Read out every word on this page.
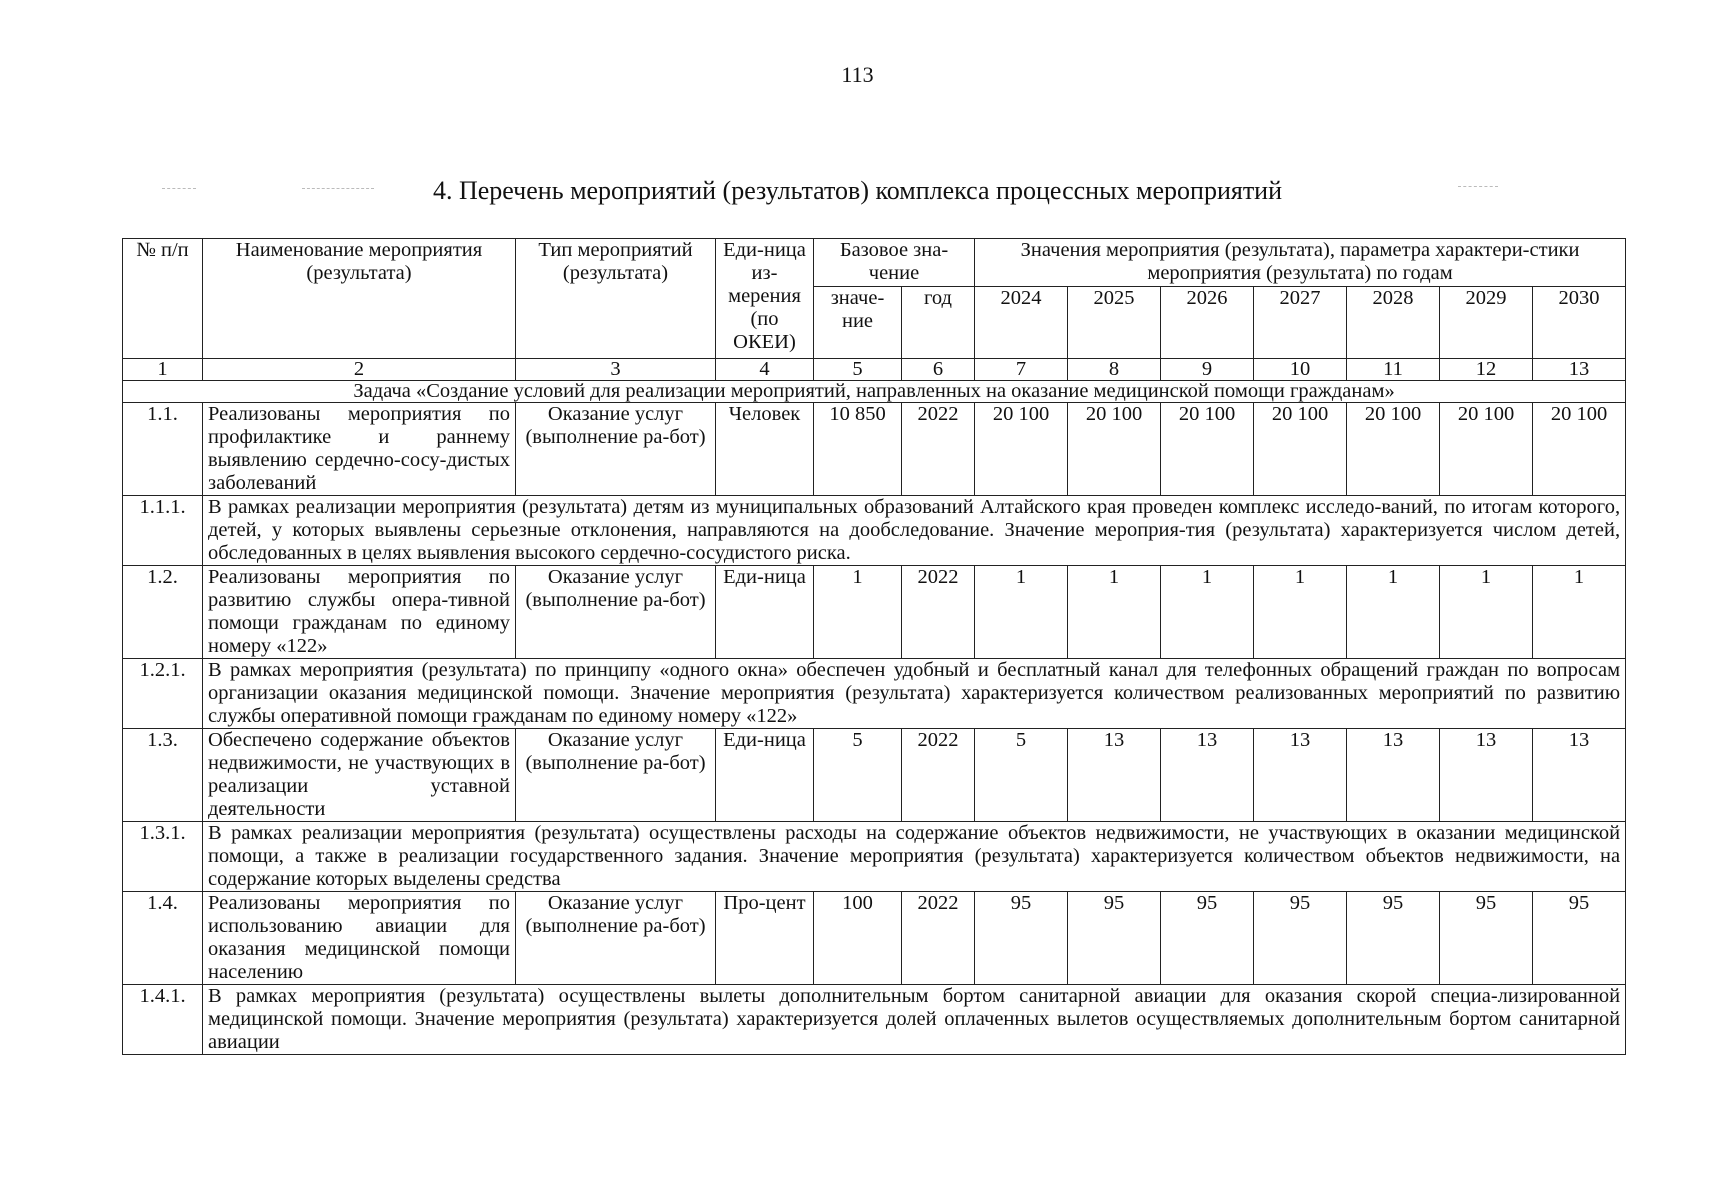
113
4. Перечень мероприятий (результатов) комплекса процессных мероприятий
№ п/п	Наименование мероприятия (результата)	Тип мероприятий (результата)	Еди-ница из-мерения (по ОКЕИ)	Базовое зна-чение		Значения мероприятия (результата), параметра характери-стики мероприятия (результата) по годам						
				значе-ние	год	2024	2025	2026	2027	2028	2029	2030
1	2	3	4	5	6	7	8	9	10	11	12	13
Задача «Создание условий для реализации мероприятий, направленных на оказание медицинской помощи гражданам»												
1.1.	Реализованы мероприятия по профилактике и раннему выявлению сердечно-сосу-дистых заболеваний	Оказание услуг (выполнение ра-бот)	Человек	10 850	2022	20 100	20 100	20 100	20 100	20 100	20 100	20 100
1.1.1.	В рамках реализации мероприятия (результата) детям из муниципальных образований Алтайского края проведен комплекс исследо-ваний, по итогам которого, детей, у которых выявлены серьезные отклонения, направляются на дообследование. Значение мероприя-тия (результата) характеризуется числом детей, обследованных в целях выявления высокого сердечно-сосудистого риска.											
1.2.	Реализованы мероприятия по развитию службы опера-тивной помощи гражданам по единому номеру «122»	Оказание услуг (выполнение ра-бот)	Еди-ница	1	2022	1	1	1	1	1	1	1
1.2.1.	В рамках мероприятия (результата) по принципу «одного окна» обеспечен удобный и бесплатный канал для телефонных обращений граждан по вопросам организации оказания медицинской помощи. Значение мероприятия (результата) характеризуется количеством реализованных мероприятий по развитию службы оперативной помощи гражданам по единому номеру «122»											
1.3.	Обеспечено содержание объектов недвижимости, не участвующих в реализации уставной деятельности	Оказание услуг (выполнение ра-бот)	Еди-ница	5	2022	5	13	13	13	13	13	13
1.3.1.	В рамках реализации мероприятия (результата) осуществлены расходы на содержание объектов недвижимости, не участвующих в оказании медицинской помощи, а также в реализации государственного задания. Значение мероприятия (результата) характеризуется количеством объектов недвижимости, на содержание которых выделены средства											
1.4.	Реализованы мероприятия по использованию авиации для оказания медицинской помощи населению	Оказание услуг (выполнение ра-бот)	Про-цент	100	2022	95	95	95	95	95	95	95
1.4.1.	В рамках мероприятия (результата) осуществлены вылеты дополнительным бортом санитарной авиации для оказания скорой специа-лизированной медицинской помощи. Значение мероприятия (результата) характеризуется долей оплаченных вылетов осуществляемых дополнительным бортом санитарной авиации											
